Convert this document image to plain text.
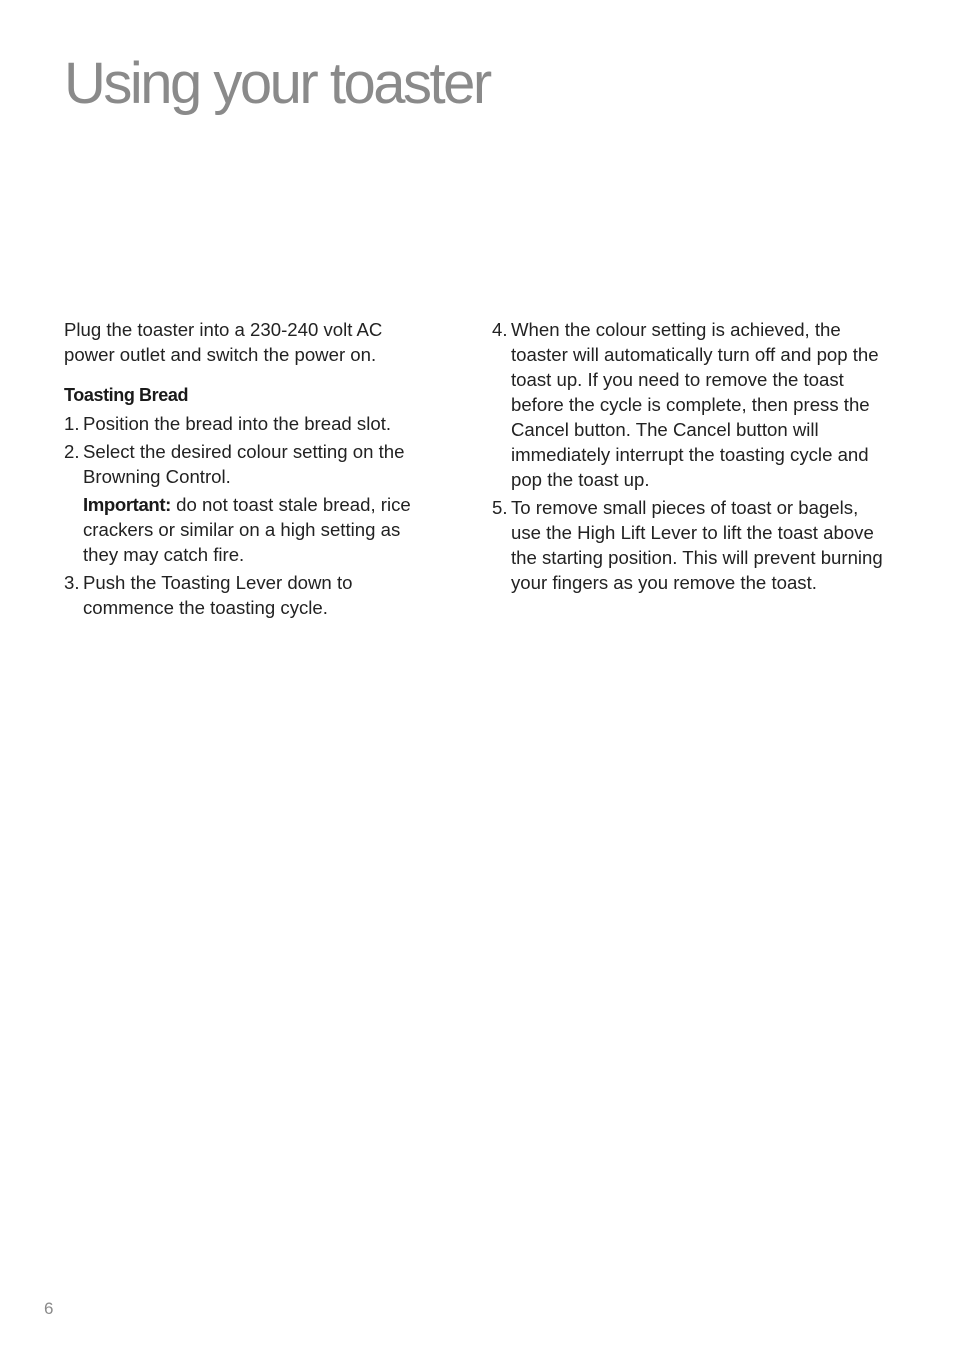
Using your toaster

Plug the toaster into a 230-240 volt AC power outlet and switch the power on.

Toasting Bread
1. Position the bread into the bread slot.
2. Select the desired colour setting on the Browning Control.

Important: do not toast stale bread, rice crackers or similar on a high setting as they may catch fire.

3. Push the Toasting Lever down to commence the toasting cycle.
4. When the colour setting is achieved, the toaster will automatically turn off and pop the toast up. If you need to remove the toast before the cycle is complete, then press the Cancel button. The Cancel button will immediately interrupt the toasting cycle and pop the toast up.
5. To remove small pieces of toast or bagels, use the High Lift Lever to lift the toast above the starting position. This will prevent burning your fingers as you remove the toast.
6
